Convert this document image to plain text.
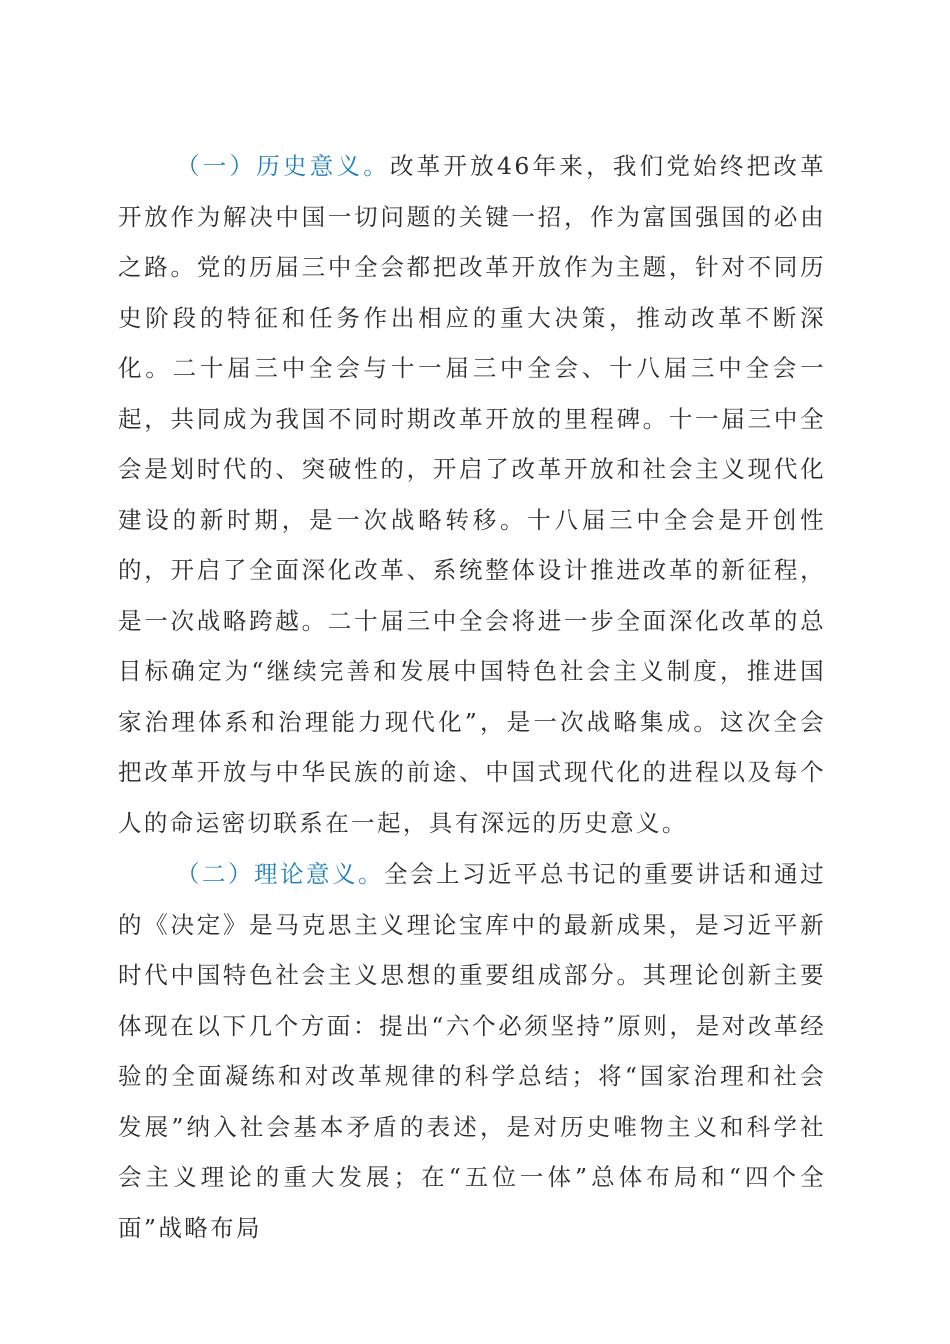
（一）历史意义。改革开放46年来，我们党始终把改革开放作为解决中国一切问题的关键一招，作为富国强国的必由之路。党的历届三中全会都把改革开放作为主题，针对不同历史阶段的特征和任务作出相应的重大决策，推动改革不断深化。二十届三中全会与十一届三中全会、十八届三中全会一起，共同成为我国不同时期改革开放的里程碑。十一届三中全会是划时代的、突破性的，开启了改革开放和社会主义现代化建设的新时期，是一次战略转移。十八届三中全会是开创性的，开启了全面深化改革、系统整体设计推进改革的新征程，是一次战略跨越。二十届三中全会将进一步全面深化改革的总目标确定为“继续完善和发展中国特色社会主义制度，推进国家治理体系和治理能力现代化”，是一次战略集成。这次全会把改革开放与中华民族的前途、中国式现代化的进程以及每个人的命运密切联系在一起，具有深远的历史意义。

（二）理论意义。全会上习近平总书记的重要讲话和通过的《决定》是马克思主义理论宝库中的最新成果，是习近平新时代中国特色社会主义思想的重要组成部分。其理论创新主要体现在以下几个方面：提出“六个必须坚持”原则，是对改革经验的全面凝练和对改革规律的科学总结；将“国家治理和社会发展”纳入社会基本矛盾的表述，是对历史唯物主义和科学社会主义理论的重大发展；在“五位一体”总体布局和“四个全面”战略布局
